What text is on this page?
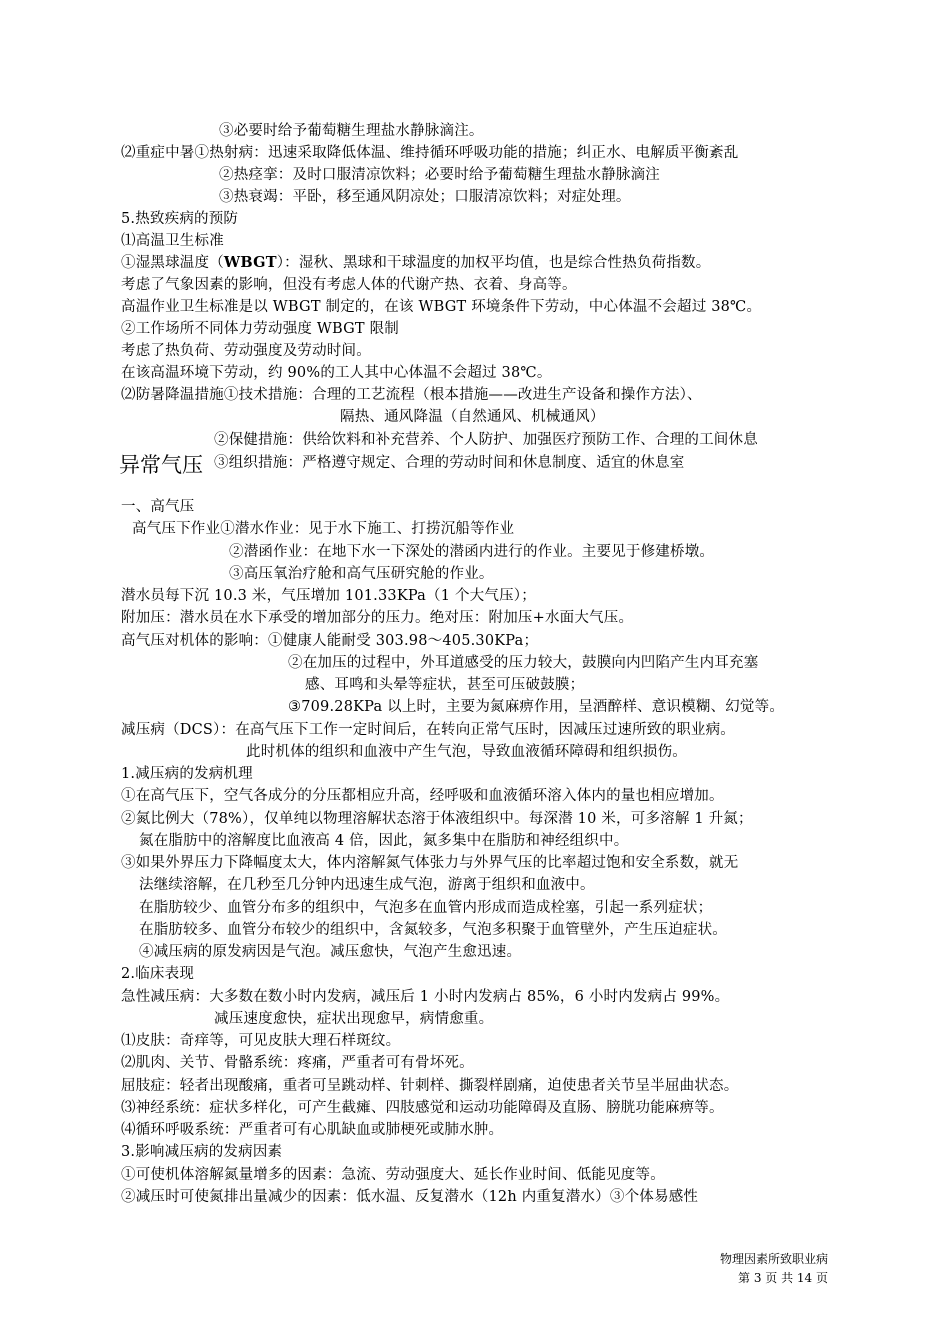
③必要时给予葡萄糖生理盐水静脉滴注。
⑵重症中暑①热射病：迅速采取降低体温、维持循环呼吸功能的措施；纠正水、电解质平衡紊乱
②热痉挛：及时口服清凉饮料；必要时给予葡萄糖生理盐水静脉滴注
③热衰竭：平卧，移至通风阴凉处；口服清凉饮料；对症处理。
5.热致疾病的预防
⑴高温卫生标准
①湿黑球温度（WBGT）：湿秋、黑球和干球温度的加权平均值，也是综合性热负荷指数。
考虑了气象因素的影响，但没有考虑人体的代谢产热、衣着、身高等。
高温作业卫生标准是以 WBGT 制定的，在该 WBGT 环境条件下劳动，中心体温不会超过 38℃。
②工作场所不同体力劳动强度 WBGT 限制
考虑了热负荷、劳动强度及劳动时间。
在该高温环境下劳动，约 90%的工人其中心体温不会超过 38℃。
⑵防暑降温措施①技术措施：合理的工艺流程（根本措施——改进生产设备和操作方法）、
隔热、通风降温（自然通风、机械通风）
②保健措施：供给饮料和补充营养、个人防护、加强医疗预防工作、合理的工间休息
异常气压 ③组织措施：严格遵守规定、合理的劳动时间和休息制度、适宜的休息室
一、高气压
高气压下作业①潜水作业：见于水下施工、打捞沉船等作业
②潜函作业：在地下水一下深处的潜函内进行的作业。主要见于修建桥墩。
③高压氧治疗舱和高气压研究舱的作业。
潜水员每下沉 10.3 米，气压增加 101.33KPa（1 个大气压）；
附加压：潜水员在水下承受的增加部分的压力。绝对压：附加压+水面大气压。
高气压对机体的影响：①健康人能耐受 303.98～405.30KPa；
②在加压的过程中，外耳道感受的压力较大，鼓膜向内凹陷产生内耳充塞
感、耳鸣和头晕等症状，甚至可压破鼓膜；
③709.28KPa 以上时，主要为氮麻痹作用，呈酒醉样、意识模糊、幻觉等。
减压病（DCS）：在高气压下工作一定时间后，在转向正常气压时，因减压过速所致的职业病。
此时机体的组织和血液中产生气泡，导致血液循环障碍和组织损伤。
1.减压病的发病机理
①在高气压下，空气各成分的分压都相应升高，经呼吸和血液循环溶入体内的量也相应增加。
②氮比例大（78%），仅单纯以物理溶解状态溶于体液组织中。每深潜 10 米，可多溶解 1 升氮；
氮在脂肪中的溶解度比血液高 4 倍，因此，氮多集中在脂肪和神经组织中。
③如果外界压力下降幅度太大，体内溶解氮气体张力与外界气压的比率超过饱和安全系数，就无
法继续溶解，在几秒至几分钟内迅速生成气泡，游离于组织和血液中。
在脂肪较少、血管分布多的组织中，气泡多在血管内形成而造成栓塞，引起一系列症状；
在脂肪较多、血管分布较少的组织中，含氮较多，气泡多积聚于血管壁外，产生压迫症状。
④减压病的原发病因是气泡。减压愈快，气泡产生愈迅速。
2.临床表现
急性减压病：大多数在数小时内发病，减压后 1 小时内发病占 85%，6 小时内发病占 99%。
减压速度愈快，症状出现愈早，病情愈重。
⑴皮肤：奇痒等，可见皮肤大理石样斑纹。
⑵肌肉、关节、骨骼系统：疼痛，严重者可有骨坏死。
屈肢症：轻者出现酸痛，重者可呈跳动样、针刺样、撕裂样剧痛，迫使患者关节呈半屈曲状态。
⑶神经系统：症状多样化，可产生截瘫、四肢感觉和运动功能障碍及直肠、膀胱功能麻痹等。
⑷循环呼吸系统：严重者可有心肌缺血或肺梗死或肺水肿。
3.影响减压病的发病因素
①可使机体溶解氮量增多的因素：急流、劳动强度大、延长作业时间、低能见度等。
②减压时可使氮排出量减少的因素：低水温、反复潜水（12h 内重复潜水）③个体易感性
物理因素所致职业病
第 3 页 共 14 页
